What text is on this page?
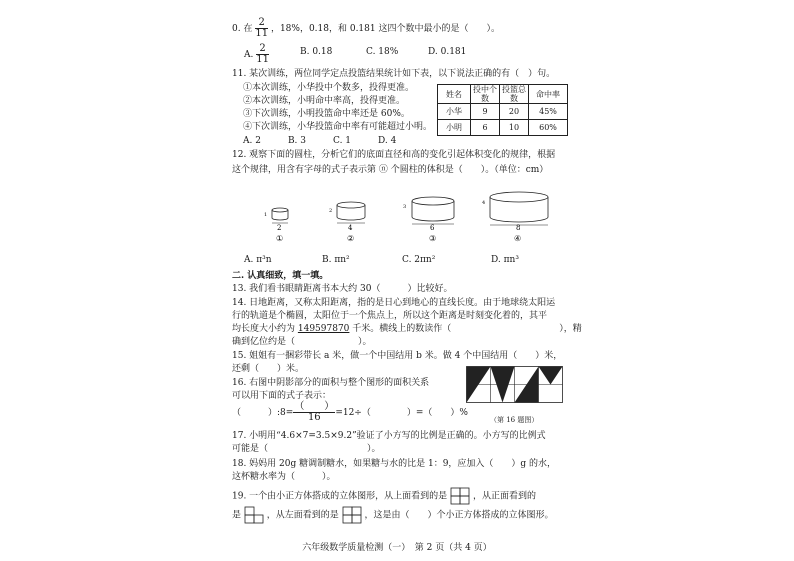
0. 在 $\frac{2}{11}$ ，18%，0.18̇，和 0.181 这四个数中最小的是（　　）。
A. $\frac{2}{11}$	B. 0.18̇	C. 18%	D. 0.181
11. 某次训练，两位同学定点投篮结果统计如下表，以下说法正确的有（　）句。
①本次训练，小华投中个数多，投得更准。
②本次训练，小明命中率高，投得更准。
③下次训练，小明投篮命中率还是 60%。
④下次训练，小华投篮命中率有可能超过小明。
A. 2　　　B. 3　　　C. 1　　　D. 4
姓名	投中个数	投篮总数	命中率
小华	9	20	45%
小明	6	10	60%
12. 观察下面的圆柱，分析它们的底面直径和高的变化引起体积变化的规律，根据
这个规律，用含有字母的式子表示第 ⓝ 个圆柱的体积是（　　）。（单位：cm）
1
2
①
2
4
②
3
6
③
4
8
④
A. π³n	B. πn²	C. 2πn²	D. πn³
二. 认真细致，填一填。
13. 我们看书眼睛距离书本大约 30（　　　）比较好。
14. 日地距离，又称太阳距离，指的是日心到地心的直线长度。由于地球绕太阳运
行的轨道是个椭圆，太阳位于一个焦点上，所以这个距离是时刻变化着的，其平
均长度大小约为 149597870 千米。横线上的数读作（　　　　　　　　　　　　），精
确到亿位约是（　　　　　　　）。
15. 姐姐有一捆彩带长 a 米，做一个中国结用 b 米。做 4 个中国结用（　　）米，
还剩（　　）米。
16. 右图中阴影部分的面积与整个图形的面积关系
可以用下面的式子表示：
（　　　）:8= $\frac{( )}{16} =12\div$（　　　　）=（　　）%
（第 16 题图）
17. 小明用“4.6×7=3.5×9.2”验证了小方写的比例是正确的。小方写的比例式
可能是（　　　　　　　　　　　）。
18. 妈妈用 20g 糖调制糖水，如果糖与水的比是 1：9，应加入（　　）g 的水，
这杯糖水率为（　　　）。
19. 一个由小正方体搭成的立体图形，从上面看到的是	，从正面看到的
是	，从左面看到的是	，这是由（　　）个小正方体搭成的立体图形。
六年级数学质量检测（一）　第 2 页（共 4 页）
